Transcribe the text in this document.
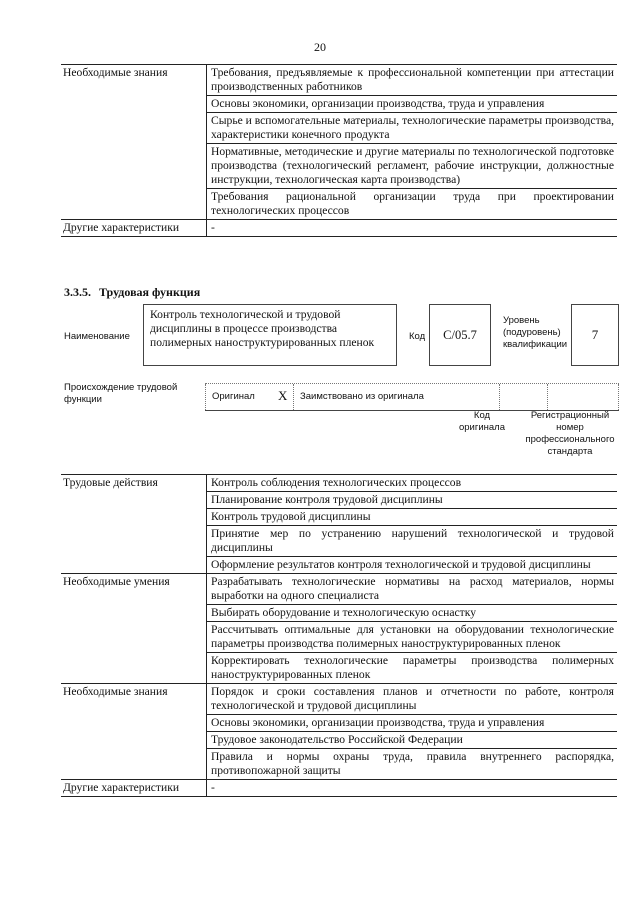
20
Необходимые знания	Требования, предъявляемые к профессиональной компетенции при аттестации производственных работников
	Основы экономики, организации производства, труда и управления
	Сырье и вспомогательные материалы, технологические параметры производства, характеристики конечного продукта
	Нормативные, методические и другие материалы по технологической подготовке производства (технологический регламент, рабочие инструкции, должностные инструкции, технологическая карта производства)
	Требования рациональной организации труда при проектировании технологических процессов
Другие характеристики	-
3.3.5. Трудовая функция
Наименование
Контроль технологической и трудовой дисциплины в процессе производства полимерных наноструктурированных пленок	Код	C/05.7
Уровень (подуровень) квалификации
7
Происхождение трудовой функции	Оригинал X Заимствовано из оригинала
Код оригинала
Регистрационный номер профессионального стандарта
Трудовые действия	Контроль соблюдения технологических процессов
	Планирование контроля трудовой дисциплины
	Контроль трудовой дисциплины
	Принятие мер по устранению нарушений технологической и трудовой дисциплины
	Оформление результатов контроля технологической и трудовой дисциплины
Необходимые умения	Разрабатывать технологические нормативы на расход материалов, нормы выработки на одного специалиста
	Выбирать оборудование и технологическую оснастку
	Рассчитывать оптимальные для установки на оборудовании технологические параметры производства полимерных наноструктурированных пленок
	Корректировать технологические параметры производства полимерных наноструктурированных пленок
Необходимые знания	Порядок и сроки составления планов и отчетности по работе, контроля технологической и трудовой дисциплины
	Основы экономики, организации производства, труда и управления
	Трудовое законодательство Российской Федерации
	Правила и нормы охраны труда, правила внутреннего распорядка, противопожарной защиты
Другие характеристики	-
